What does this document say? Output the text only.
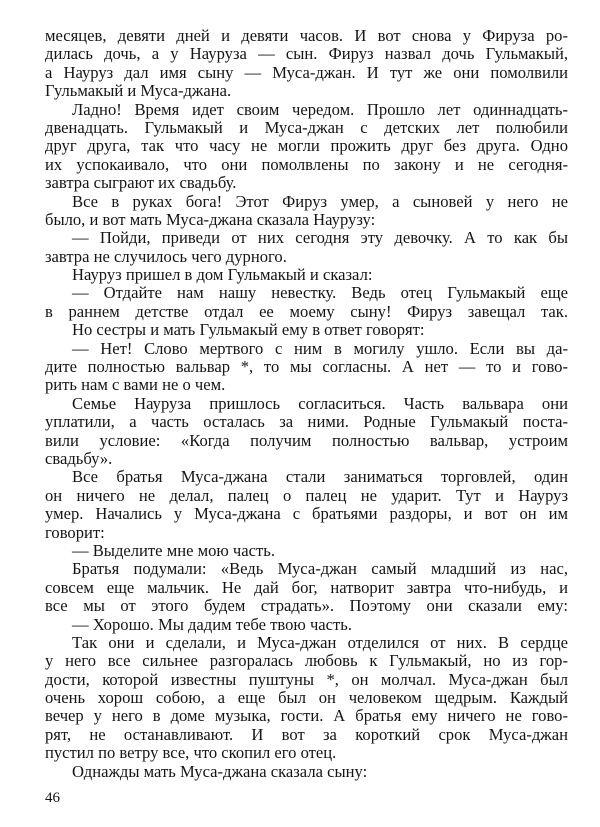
месяцев, девяти дней и девяти часов. И вот снова у Фируза ро-
дилась дочь, а у Науруза — сын. Фируз назвал дочь Гульмакый,
а Науруз дал имя сыну — Муса-джан. И тут же они помолвили
Гульмакый и Муса-джана.
Ладно! Время идет своим чередом. Прошло лет одиннадцать-
двенадцать. Гульмакый и Муса-джан с детских лет полюбили
друг друга, так что часу не могли прожить друг без друга. Одно
их успокаивало, что они помолвлены по закону и не сегодня-
завтра сыграют их свадьбу.
Все в руках бога! Этот Фируз умер, а сыновей у него не
было, и вот мать Муса-джана сказала Наурузу:
— Пойди, приведи от них сегодня эту девочку. А то как бы
завтра не случилось чего дурного.
Науруз пришел в дом Гульмакый и сказал:
— Отдайте нам нашу невестку. Ведь отец Гульмакый еще
в раннем детстве отдал ее моему сыну! Фируз завещал так.
Но сестры и мать Гульмакый ему в ответ говорят:
— Нет! Слово мертвого с ним в могилу ушло. Если вы да-
дите полностью вальвар *, то мы согласны. А нет — то и гово-
рить нам с вами не о чем.
Семье Науруза пришлось согласиться. Часть вальвара они
уплатили, а часть осталась за ними. Родные Гульмакый поста-
вили условие: «Когда получим полностью вальвар, устроим
свадьбу».
Все братья Муса-джана стали заниматься торговлей, один
он ничего не делал, палец о палец не ударит. Тут и Науруз
умер. Начались у Муса-джана с братьями раздоры, и вот он им
говорит:
— Выделите мне мою часть.
Братья подумали: «Ведь Муса-джан самый младший из нас,
совсем еще мальчик. Не дай бог, натворит завтра что-нибудь, и
все мы от этого будем страдать». Поэтому они сказали ему:
— Хорошо. Мы дадим тебе твою часть.
Так они и сделали, и Муса-джан отделился от них. В сердце
у него все сильнее разгоралась любовь к Гульмакый, но из гор-
дости, которой известны пуштуны *, он молчал. Муса-джан был
очень хорош собою, а еще был он человеком щедрым. Каждый
вечер у него в доме музыка, гости. А братья ему ничего не гово-
рят, не останавливают. И вот за короткий срок Муса-джан
пустил по ветру все, что скопил его отец.
Однажды мать Муса-джана сказала сыну:
46
